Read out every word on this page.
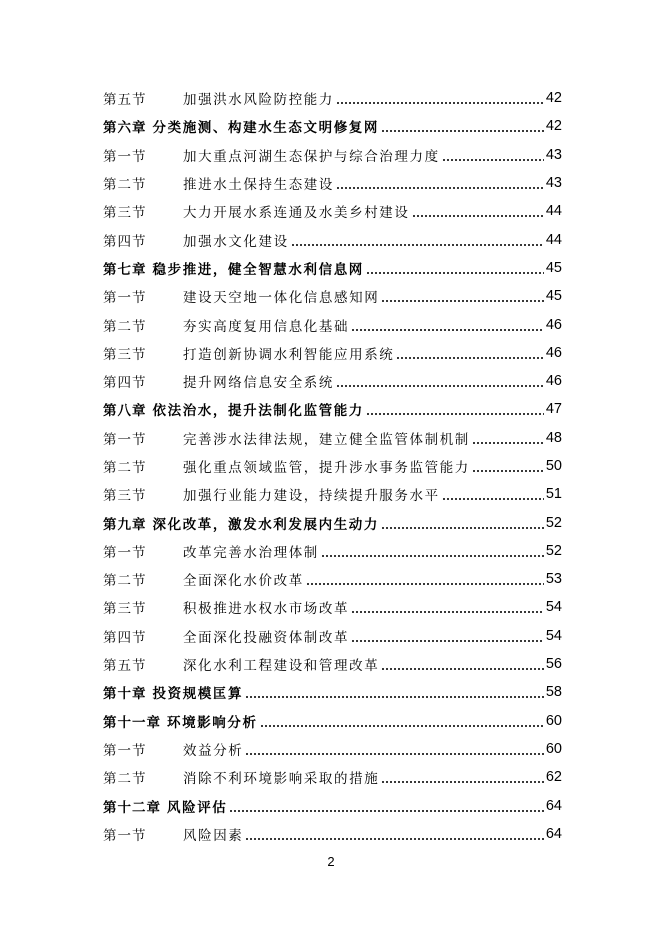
第五节	加强洪水风险防控能力	42
第六章 分类施测、构建水生态文明修复网	42
第一节	加大重点河湖生态保护与综合治理力度	43
第二节	推进水土保持生态建设	43
第三节	大力开展水系连通及水美乡村建设	44
第四节	加强水文化建设	44
第七章 稳步推进，健全智慧水利信息网	45
第一节	建设天空地一体化信息感知网	45
第二节	夯实高度复用信息化基础	46
第三节	打造创新协调水利智能应用系统	46
第四节	提升网络信息安全系统	46
第八章 依法治水，提升法制化监管能力	47
第一节	完善涉水法律法规，建立健全监管体制机制	48
第二节	强化重点领域监管，提升涉水事务监管能力	50
第三节	加强行业能力建设，持续提升服务水平	51
第九章 深化改革，激发水利发展内生动力	52
第一节	改革完善水治理体制	52
第二节	全面深化水价改革	53
第三节	积极推进水权水市场改革	54
第四节	全面深化投融资体制改革	54
第五节	深化水利工程建设和管理改革	56
第十章 投资规模匡算	58
第十一章 环境影响分析	60
第一节	效益分析	60
第二节	消除不利环境影响采取的措施	62
第十二章 风险评估	64
第一节	风险因素	64
2
